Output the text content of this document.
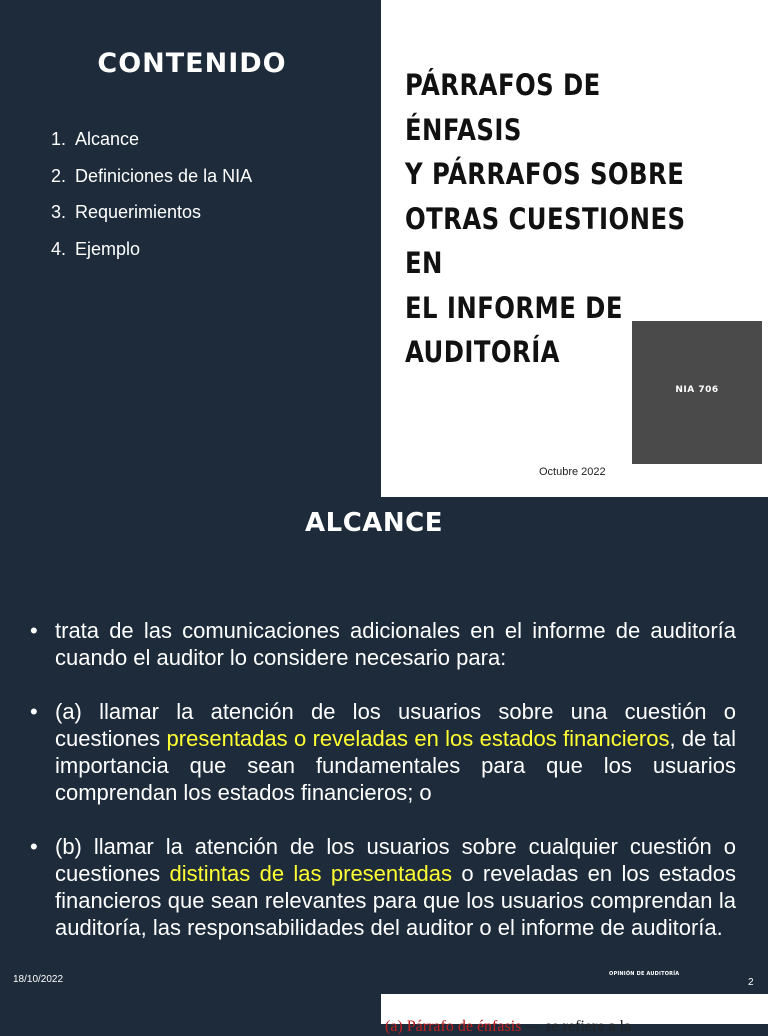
CONTENIDO
1. Alcance
2. Definiciones de la NIA
3. Requerimientos
4. Ejemplo
PÁRRAFOS DE ÉNFASIS
Y PÁRRAFOS SOBRE
OTRAS CUESTIONES EN
EL INFORME DE
AUDITORÍA
NIA 706
Octubre 2022
ALCANCE
• trata de las comunicaciones adicionales en el informe de auditoría cuando el auditor lo considere necesario para:
• (a) llamar la atención de los usuarios sobre una cuestión o cuestiones presentadas o reveladas en los estados financieros, de tal importancia que sean fundamentales para que los usuarios comprendan los estados financieros; o
• (b) llamar la atención de los usuarios sobre cualquier cuestión o cuestiones distintas de las presentadas o reveladas en los estados financieros que sean relevantes para que los usuarios comprendan la auditoría, las responsabilidades del auditor o el informe de auditoría.
18/10/2022	OPINIÓN DE AUDITORÍA
2
(a) Párrafo de énfasis — se refiere a la
